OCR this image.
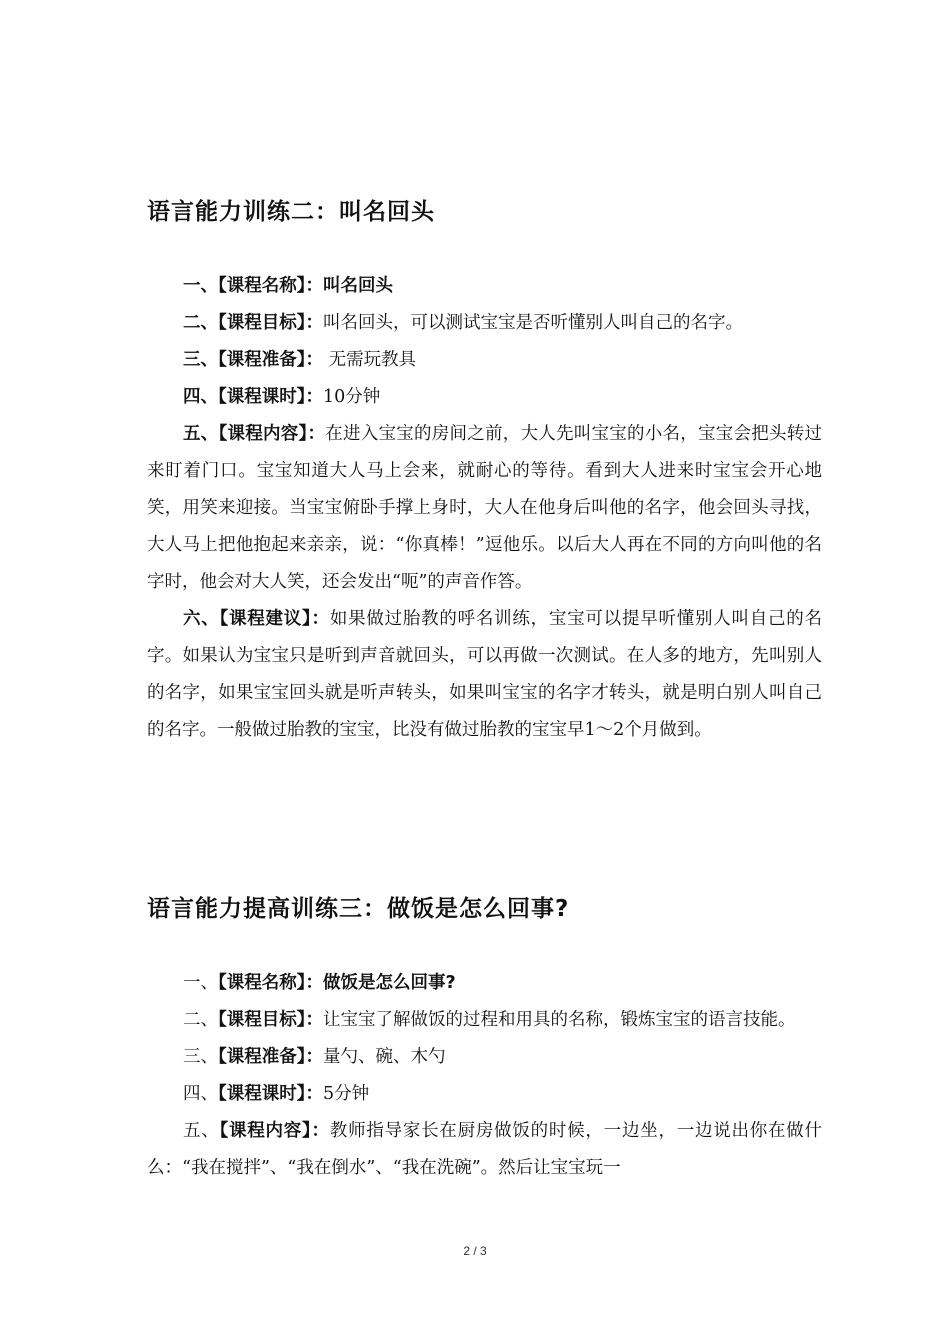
语言能力训练二：叫名回头

一、【课程名称】：叫名回头

二、【课程目标】：叫名回头，可以测试宝宝是否听懂别人叫自己的名字。

三、【课程准备】： 无需玩教具

四、【课程课时】：10分钟

五、【课程内容】：在进入宝宝的房间之前，大人先叫宝宝的小名，宝宝会把头转过来盯着门口。宝宝知道大人马上会来，就耐心的等待。看到大人进来时宝宝会开心地笑，用笑来迎接。当宝宝俯卧手撑上身时，大人在他身后叫他的名字，他会回头寻找，大人马上把他抱起来亲亲，说：“你真棒！”逗他乐。以后大人再在不同的方向叫他的名字时，他会对大人笑，还会发出“呃”的声音作答。

六、【课程建议】：如果做过胎教的呼名训练，宝宝可以提早听懂别人叫自己的名字。如果认为宝宝只是听到声音就回头，可以再做一次测试。在人多的地方，先叫别人的名字，如果宝宝回头就是听声转头，如果叫宝宝的名字才转头，就是明白别人叫自己的名字。一般做过胎教的宝宝，比没有做过胎教的宝宝早1～2个月做到。

语言能力提高训练三：做饭是怎么回事?

一、【课程名称】：做饭是怎么回事?

二、【课程目标】：让宝宝了解做饭的过程和用具的名称，锻炼宝宝的语言技能。

三、【课程准备】：量勺、碗、木勺

四、【课程课时】：5分钟

五、【课程内容】：教师指导家长在厨房做饭的时候，一边坐，一边说出你在做什么：“我在搅拌”、“我在倒水”、“我在洗碗”。然后让宝宝玩一

2 / 3
